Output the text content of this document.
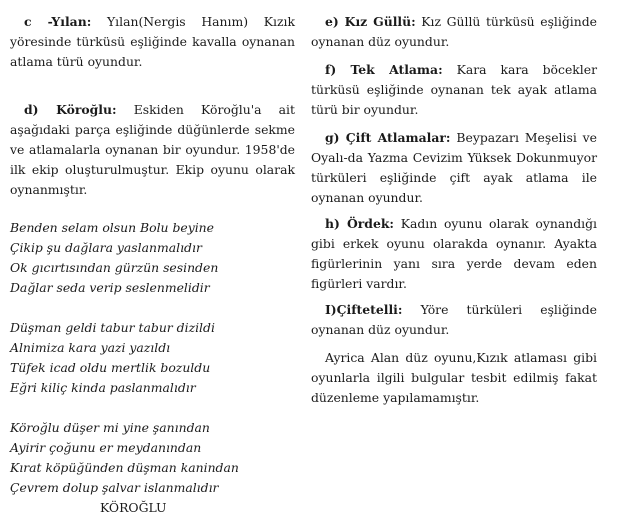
c -Yılan: Yılan(Nergis Hanım) Kızık yöresinde türküsü eşliğinde kavalla oynanan atlama türü oyundur.

d) Köroğlu: Eskiden Köroğlu'a ait aşağıdaki parça eşliğinde düğünlerde sekme ve atlamalarla oynanan bir oyundur. 1958'de ilk ekip oluşturulmuştur. Ekip oyunu olarak oynanmıştır.

Benden selam olsun Bolu beyine
Çikip şu dağlara yaslanmalıdır
Ok gıcırtısından gürzün sesinden
Dağlar seda verip seslenmelidir
Düşman geldi tabur tabur dizildi
Alnimiza kara yazi yazıldı
Tüfek icad oldu mertlik bozuldu
Eğri kiliç kinda paslanmalıdır
Köroğlu düşer mi yine şanından
Ayirir çoğunu er meydanından
Kırat köpüğünden düşman kanindan
Çevrem dolup şalvar islanmalıdır
KÖROĞLU

e) Kız Güllü: Kız Güllü türküsü eşliğinde oynanan düz oyundur.

f) Tek Atlama: Kara kara böcekler türküsü eşliğinde oynanan tek ayak atlama türü bir oyundur.

g) Çift Atlamalar: Beypazarı Meşelisi ve Oyalı-da Yazma Cevizim Yüksek Dokunmuyor türküleri eşliğinde çift ayak atlama ile oynanan oyundur.

h) Ördek: Kadın oyunu olarak oynandığı gibi erkek oyunu olarakda oynanır. Ayakta figürlerinin yanı sıra yerde devam eden figürleri vardır.

I)Çiftetelli: Yöre türküleri eşliğinde oynanan düz oyundur.

Ayrica Alan düz oyunu,Kızık atlaması gibi oyunlarla ilgili bulgular tesbit edilmiş fakat düzenleme yapılamamıştır.
